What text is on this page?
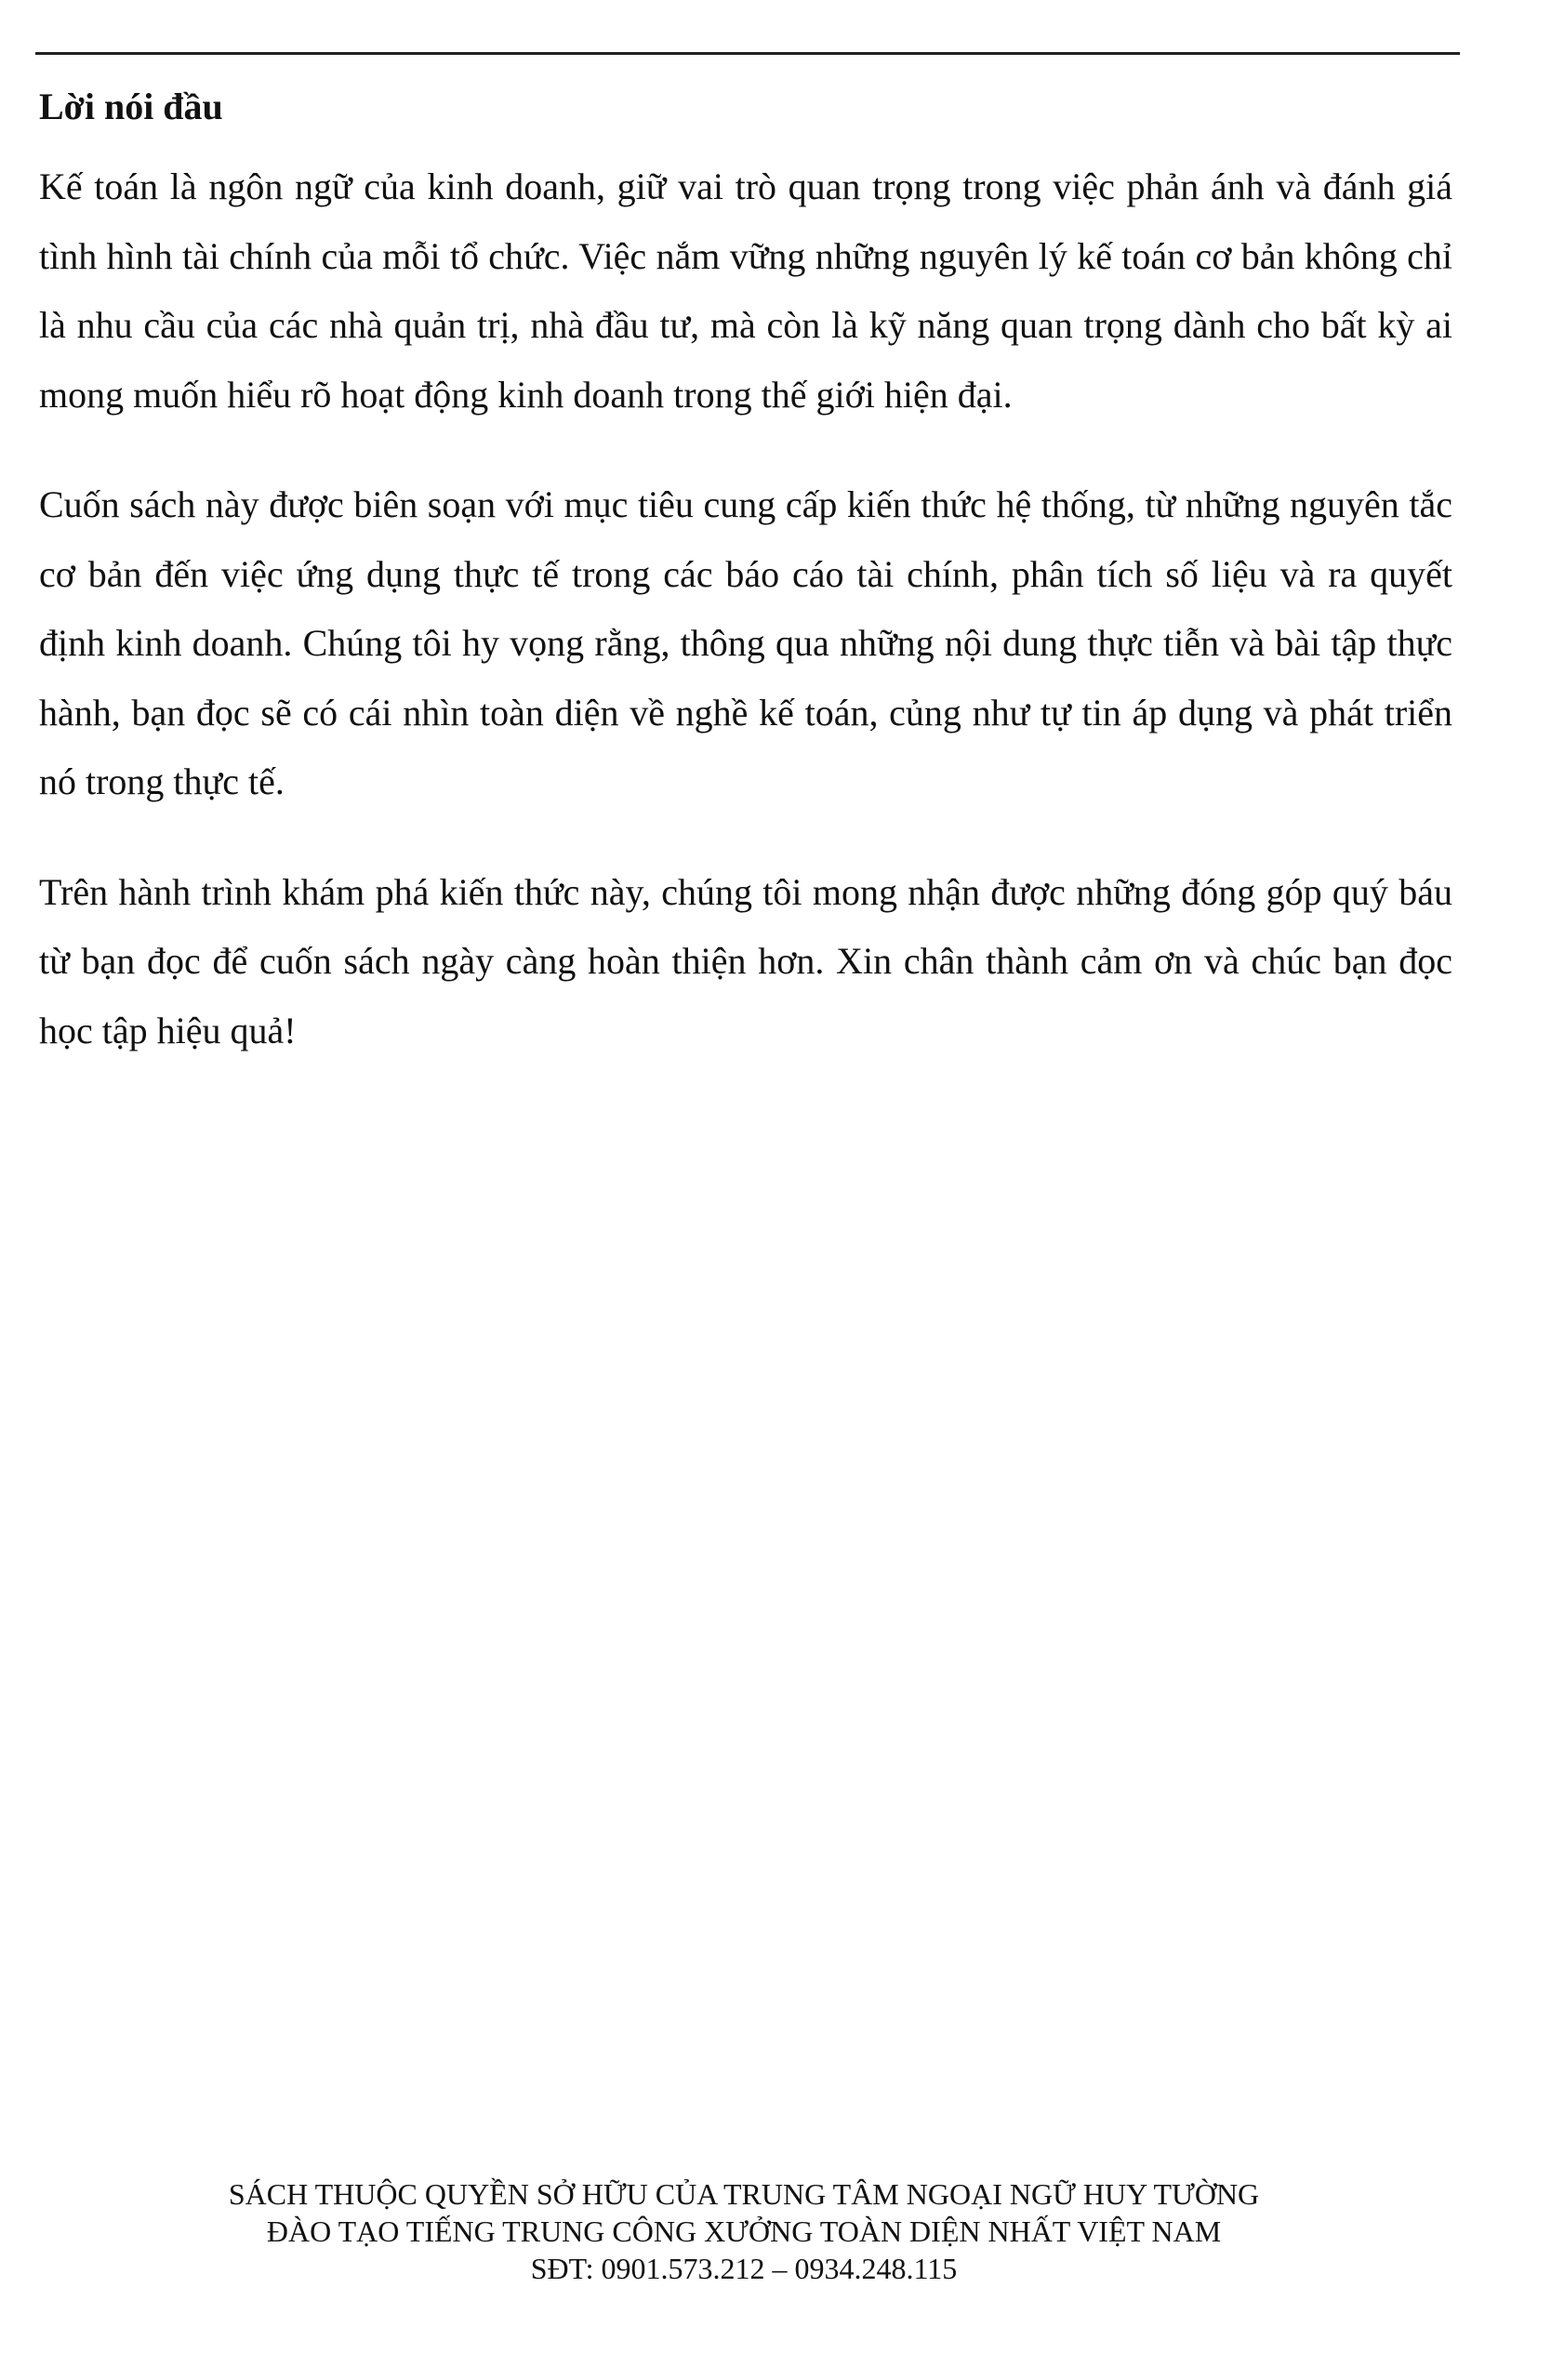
Lời nói đầu

Kế toán là ngôn ngữ của kinh doanh, giữ vai trò quan trọng trong việc phản ánh và đánh giá tình hình tài chính của mỗi tổ chức. Việc nắm vững những nguyên lý kế toán cơ bản không chỉ là nhu cầu của các nhà quản trị, nhà đầu tư, mà còn là kỹ năng quan trọng dành cho bất kỳ ai mong muốn hiểu rõ hoạt động kinh doanh trong thế giới hiện đại.

Cuốn sách này được biên soạn với mục tiêu cung cấp kiến thức hệ thống, từ những nguyên tắc cơ bản đến việc ứng dụng thực tế trong các báo cáo tài chính, phân tích số liệu và ra quyết định kinh doanh. Chúng tôi hy vọng rằng, thông qua những nội dung thực tiễn và bài tập thực hành, bạn đọc sẽ có cái nhìn toàn diện về nghề kế toán, củng như tự tin áp dụng và phát triển nó trong thực tế.

Trên hành trình khám phá kiến thức này, chúng tôi mong nhận được những đóng góp quý báu từ bạn đọc để cuốn sách ngày càng hoàn thiện hơn. Xin chân thành cảm ơn và chúc bạn đọc học tập hiệu quả!

SÁCH THUỘC QUYỀN SỞ HỮU CỦA TRUNG TÂM NGOẠI NGỮ HUY TƯỜNG
ĐÀO TẠO TIẾNG TRUNG CÔNG XƯỞNG TOÀN DIỆN NHẤT VIỆT NAM
SĐT: 0901.573.212 – 0934.248.115
